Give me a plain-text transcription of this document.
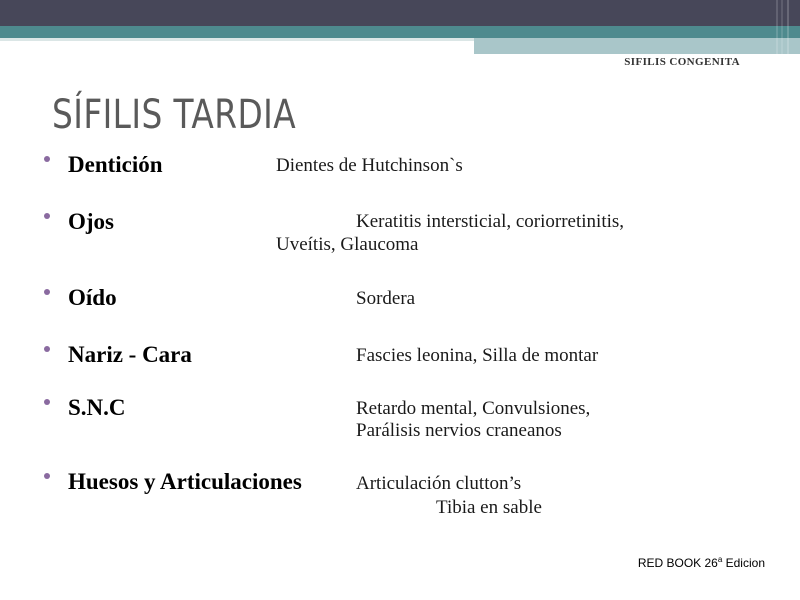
SIFILIS CONGENITA
SÍFILIS TARDIA
Dentición	Dientes de Hutchinson`s
Ojos	Keratitis intersticial, coriorretinitis,
Uveítis, Glaucoma
Oído	Sordera
Nariz - Cara	Fascies leonina, Silla de montar
S.N.C	Retardo mental, Convulsiones,
Parálisis nervios craneanos
Huesos y Articulaciones	Articulación clutton’s
Tibia en sable
RED BOOK 26$^a$ Edicion
